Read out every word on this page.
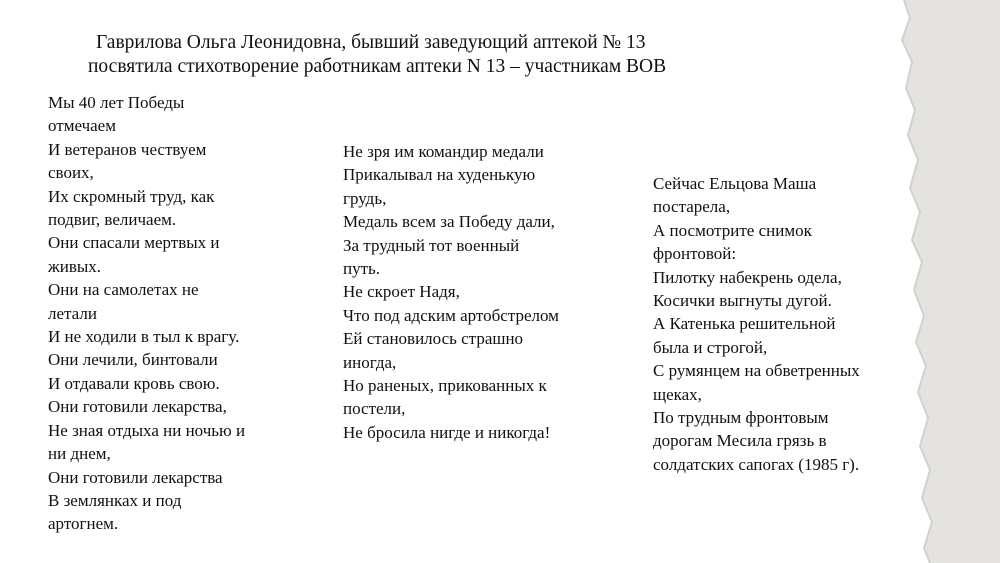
Гаврилова Ольга Леонидовна, бывший заведующий аптекой № 13
посвятила стихотворение работникам аптеки N 13 – участникам ВОВ
Мы 40 лет Победы
отмечаем
И ветеранов чествуем
своих,
Их скромный труд, как
подвиг, величаем.
Они спасали мертвых и
живых.
Они на самолетах не
летали
И не ходили в тыл к врагу.
Они лечили, бинтовали
И отдавали кровь свою.
Они готовили лекарства,
Не зная отдыха ни ночью и
ни днем,
Они готовили лекарства
В землянках и под
артогнем.
Не зря им командир медали
Прикалывал на худенькую
грудь,
Медаль всем за Победу дали,
За трудный тот военный
путь.
Не скроет Надя,
Что под адским артобстрелом
Ей становилось страшно
иногда,
Но раненых, прикованных к
постели,
Не бросила нигде и никогда!
Сейчас Ельцова Маша
постарела,
А посмотрите снимок
фронтовой:
Пилотку набекрень одела,
Косички выгнуты дугой.
А Катенька решительной
была и строгой,
С румянцем на обветренных
щеках,
По трудным фронтовым
дорогам Месила грязь в
солдатских сапогах (1985 г).
